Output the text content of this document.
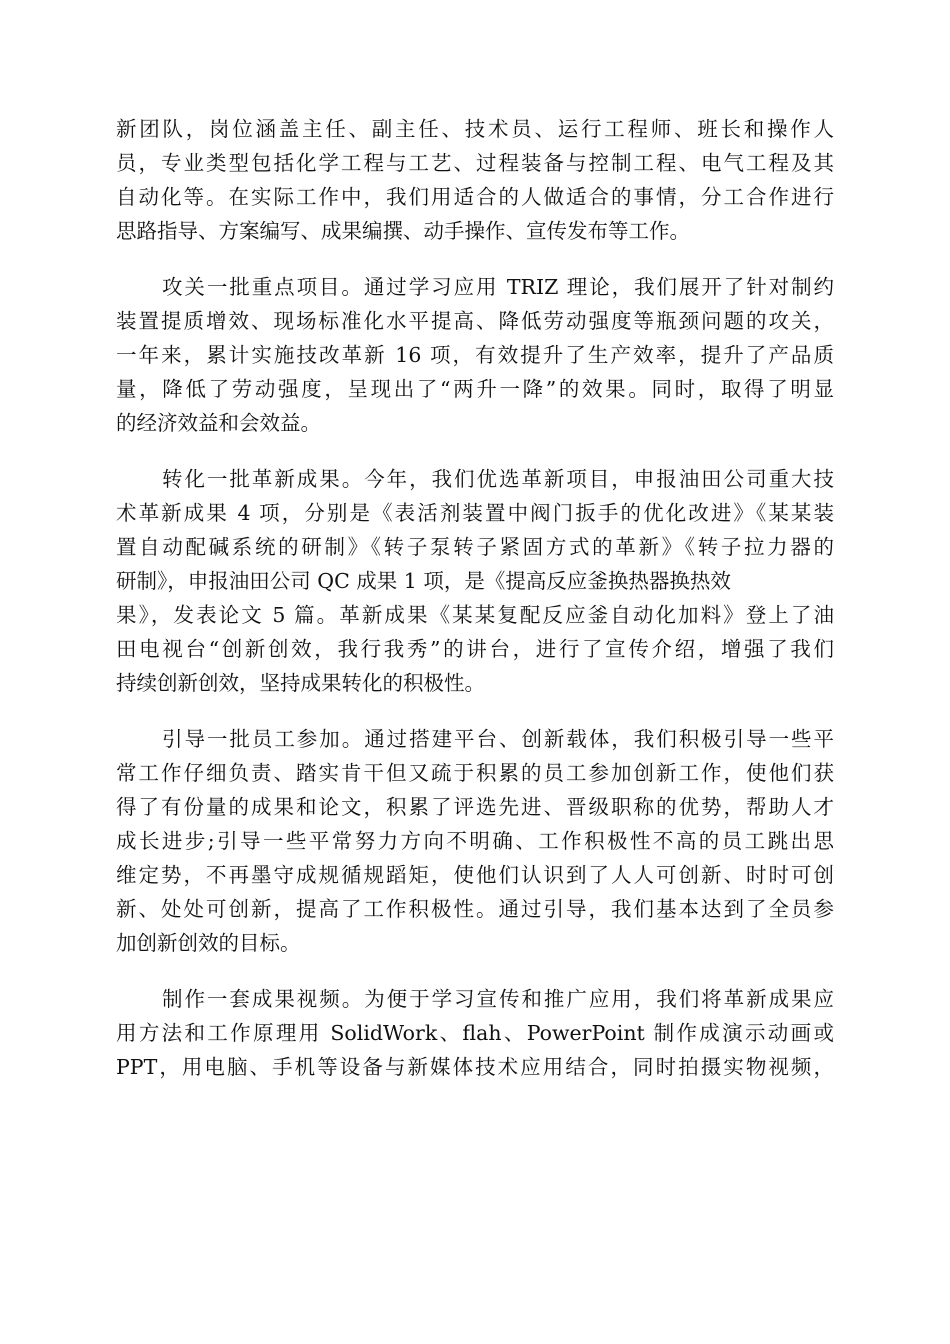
新团队，岗位涵盖主任、副主任、技术员、运行工程师、班长和操作人
员，专业类型包括化学工程与工艺、过程装备与控制工程、电气工程及其
自动化等。在实际工作中，我们用适合的人做适合的事情，分工合作进行
思路指导、方案编写、成果编撰、动手操作、宣传发布等工作。
攻关一批重点项目。通过学习应用 TRIZ 理论，我们展开了针对制约
装置提质增效、现场标准化水平提高、降低劳动强度等瓶颈问题的攻关，
一年来，累计实施技改革新 16 项，有效提升了生产效率，提升了产品质
量，降低了劳动强度，呈现出了“两升一降”的效果。同时，取得了明显
的经济效益和会效益。
转化一批革新成果。今年，我们优选革新项目，申报油田公司重大技
术革新成果 4 项，分别是《表活剂装置中阀门扳手的优化改进》《某某装
置自动配碱系统的研制》《转子泵转子紧固方式的革新》《转子拉力器的
研制》，申报油田公司 QC 成果 1 项，是《提高反应釜换热器换热效
果》，发表论文 5 篇。革新成果《某某复配反应釜自动化加料》登上了油
田电视台“创新创效，我行我秀”的讲台，进行了宣传介绍，增强了我们
持续创新创效，坚持成果转化的积极性。
引导一批员工参加。通过搭建平台、创新载体，我们积极引导一些平
常工作仔细负责、踏实肯干但又疏于积累的员工参加创新工作，使他们获
得了有份量的成果和论文，积累了评选先进、晋级职称的优势，帮助人才
成长进步;引导一些平常努力方向不明确、工作积极性不高的员工跳出思
维定势，不再墨守成规循规蹈矩，使他们认识到了人人可创新、时时可创
新、处处可创新，提高了工作积极性。通过引导，我们基本达到了全员参
加创新创效的目标。
制作一套成果视频。为便于学习宣传和推广应用，我们将革新成果应
用方法和工作原理用 SolidWork、flah、PowerPoint 制作成演示动画或
PPT，用电脑、手机等设备与新媒体技术应用结合，同时拍摄实物视频，
